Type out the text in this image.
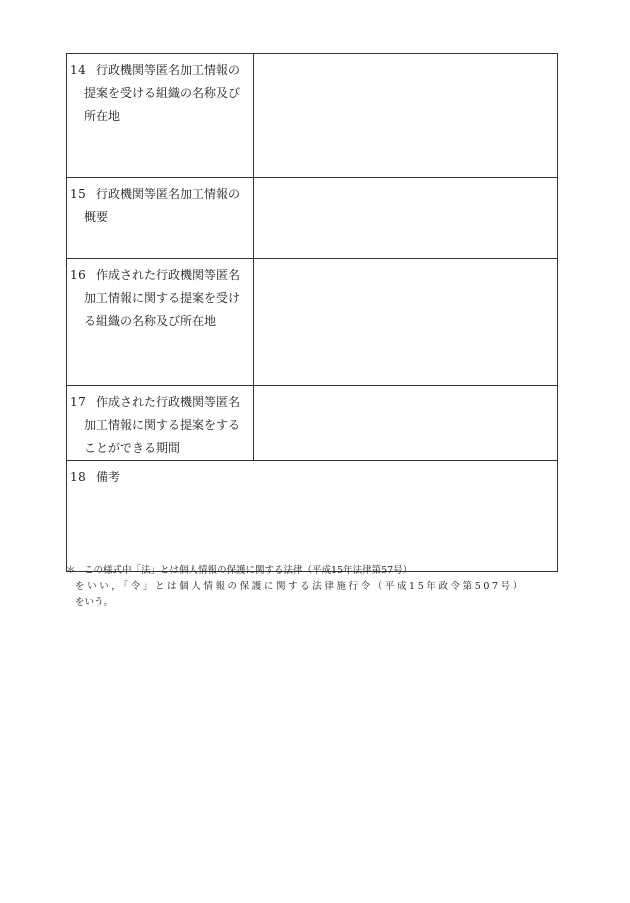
14 行政機関等匿名加工情報の
提案を受ける組織の名称及び
所在地	

15 行政機関等匿名加工情報の
概要	

16 作成された行政機関等匿名
加工情報に関する提案を受け
る組織の名称及び所在地	

17 作成された行政機関等匿名
加工情報に関する提案をする
ことができる期間	

18 備考	
＊ この様式中「法」とは個人情報の保護に関する法律（平成15年法律第57号）
をいい，「令」とは個人情報の保護に関する法律施行令（平成15年政令第507号）
をいう。
